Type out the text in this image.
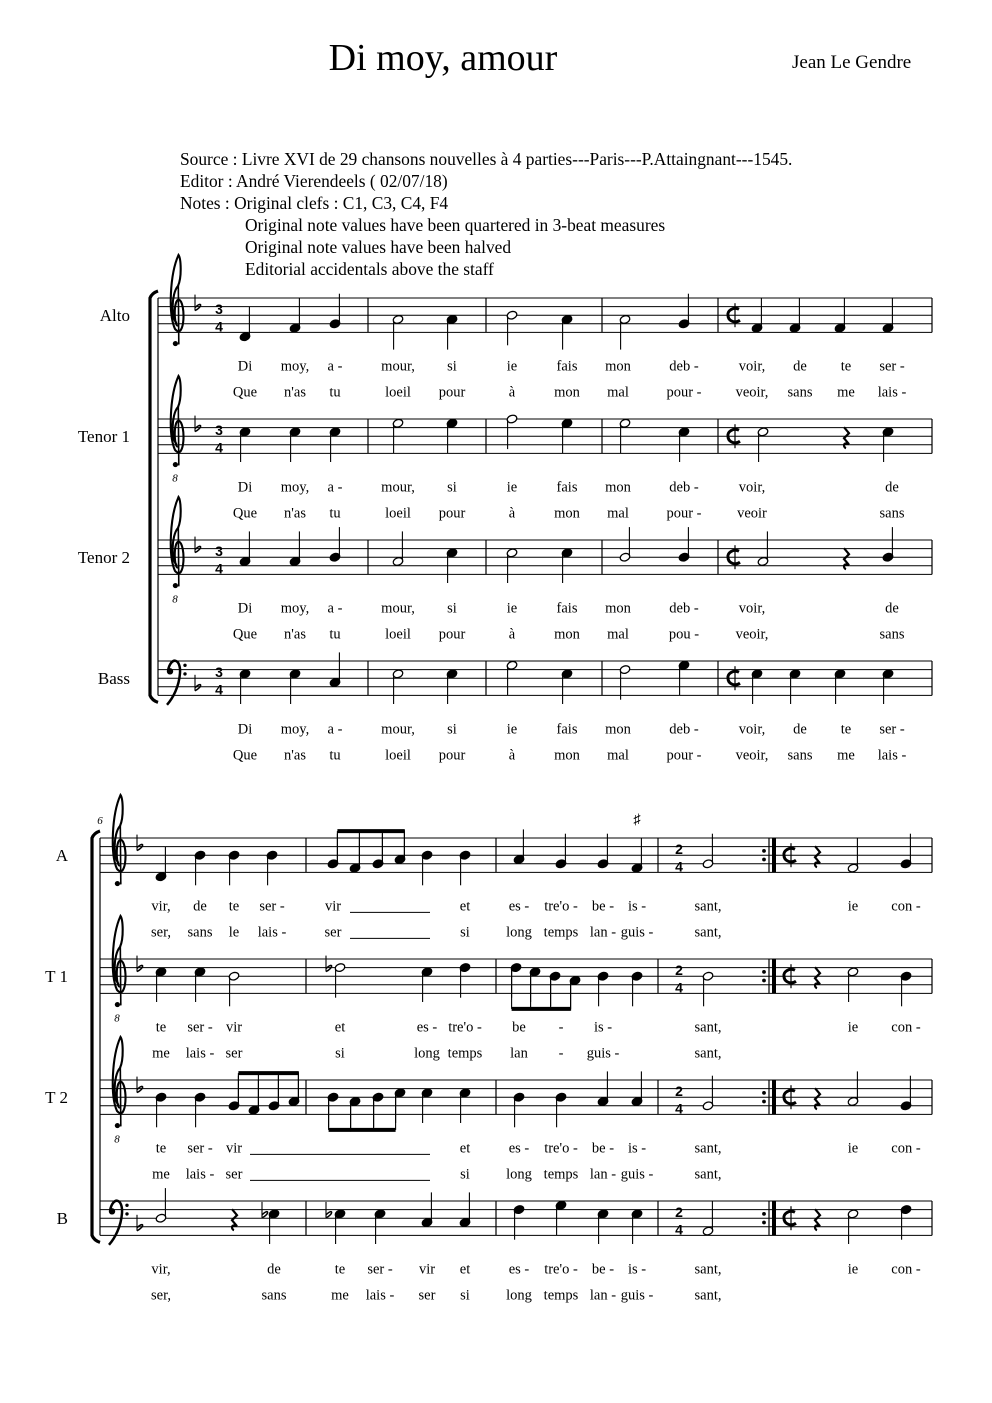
Di moy, amour	Jean Le Gendre
Source : Livre XVI de 29 chansons nouvelles à 4 parties---Paris---P.Attaingnant---1545.
Editor : André Vierendeels ( 02/07/18)
Notes : Original clefs : C1, C3, C4, F4
Original note values have been quartered in 3-beat measures
Original note values have been halved
Editorial accidentals above the staff
Alto	3
4
Tenor 1
8
3
4
Tenor 2
8
3
4
Bass	3
4
Di moy, a -	mour, si	ie	fais mon	deb -	voir, de te ser -
Que n'as tu	loeil pour	à	mon mal	pour - veoir, sans me lais -
Di moy, a -	mour, si	ie	fais mon	deb -	voir,	de
Que n'as tu	loeil pour	à	mon mal	pour - veoir	sans
Di moy, a -	mour, si	ie	fais mon	deb -	voir,	de
Que n'as tu	loeil pour	à	mon mal	pou -	veoir,	sans
Di moy, a -	mour, si	ie	fais mon	deb -	voir, de te ser -
Que n'as tu	loeil pour	à	mon mal	pour - veoir, sans me lais -
6
A	2
4
T 1
8
2
4
T 2
8
2
4
B	2
4
♯
vir, de te ser -	vir	et	es - tre'o - be - is -	sant,	ie con -
ser, sans le lais -	ser	si	long temps lan - guis -	sant,
te ser - vir	et	es - tre'o - be - is -	sant,	ie con -
me lais - ser	si	long temps lan - guis -	sant,
te ser - vir	et	es - tre'o - be - is -	sant,	ie con -
me lais - ser	si	long temps lan - guis -	sant,
vir,	de	te ser - vir et	es - tre'o - be - is -	sant,	ie con -
ser,	sans	me lais - ser si	long temps lan - guis -	sant,
